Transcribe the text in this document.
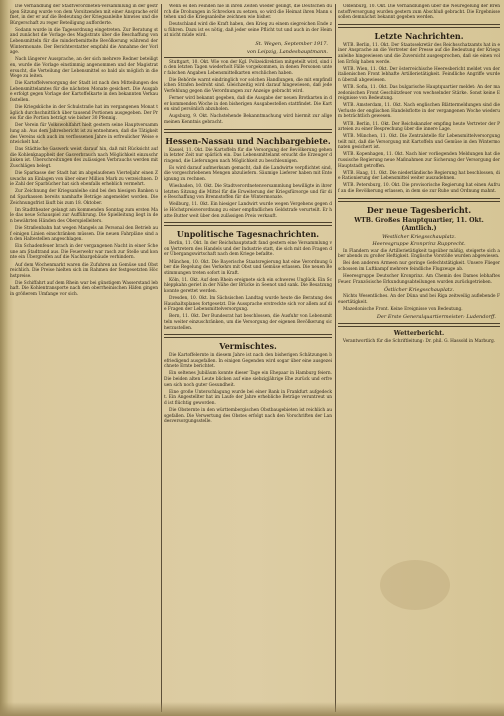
Die Verhandlung der Stadtverordneten-Versammlung in der gestrigen Sitzung wurde von dem Vorsitzenden mit einer Ansprache eröffnet, in der er auf die Bedeutung der Kriegsanleihe hinwies und die Bürgerschaft zu reger Beteiligung aufforderte.

Sodann wurde in die Tagesordnung eingetreten. Zur Beratung stand zunächst die Vorlage des Magistrats über die Beschaffung von Lebensmitteln für die minderbemittelte Bevölkerung während der Wintermonate. Der Berichterstatter empfahl die Annahme der Vorlage.

Nach längerer Aussprache, an der sich mehrere Redner beteiligten, wurde die Vorlage einstimmig angenommen und der Magistrat ersucht, die Verteilung der Lebensmittel so bald als möglich in die Wege zu leiten.

Die Kartoffelversorgung der Stadt ist nach den Mitteilungen des Lebensmittelamtes für die nächsten Monate gesichert. Die Ausgabe erfolgt gegen Vorlage der Kartoffelkarte in den bekannten Verkaufsstellen.

Die Kriegsküche in der Schulstraße hat im vergangenen Monat täglich durchschnittlich über tausend Portionen ausgegeben. Der Preis für die Portion beträgt wie bisher 30 Pfennig.

Der Verein für Volkswohlfahrt hielt gestern seine Hauptversammlung ab. Aus dem Jahresbericht ist zu entnehmen, daß die Tätigkeit des Vereins sich auch im verflossenen Jahre in erfreulicher Weise entwickelt hat.

Das Städtische Gaswerk weist darauf hin, daß mit Rücksicht auf die Kohlenknappheit der Gasverbrauch nach Möglichkeit einzuschränken ist. Überschreitungen des zulässigen Verbrauchs werden mit Zuschlägen belegt.

Die Sparkasse der Stadt hat im abgelaufenen Vierteljahr einen Zuwachs an Einlagen von über einer Million Mark zu verzeichnen. Die Zahl der Sparbücher hat sich ebenfalls erheblich vermehrt.

Zur Zeichnung der Kriegsanleihe sind bei den hiesigen Banken und Sparkassen bereits namhafte Beträge angemeldet worden. Die Zeichnungsfrist läuft bis zum 18. Oktober.

Im Stadttheater gelangt am kommenden Sonntag zum ersten Male das neue Schauspiel zur Aufführung. Die Spielleitung liegt in den bewährten Händen des Oberspielleiters.

Die Straßenbahn hat wegen Mangels an Personal den Betrieb auf einigen Linien einschränken müssen. Die neuen Fahrpläne sind an den Haltestellen angeschlagen.

Ein Schadenfeuer brach in der vergangenen Nacht in einer Scheune am Stadtrand aus. Die Feuerwehr war rasch zur Stelle und konnte ein Übergreifen auf die Nachbargebäude verhindern.

Auf dem Wochenmarkt waren die Zufuhren an Gemüse und Obst reichlich. Die Preise hielten sich im Rahmen der festgesetzten Höchstpreise.

Die Schiffahrt auf dem Rhein war bei günstigem Wasserstand lebhaft. Die Kohlentransporte nach den oberrheinischen Häfen gingen in größerem Umfange vor sich.

Wenn es den Feinden nie in ihren Zeiten wieder gelingt, die Deutschen durch die Drohungen in Schrecken zu setzen, so wird die Heimat ihren Mann stehen und die Kriegsanleihe zeichnen wie bisher.

Deutschland wird die Kraft haben, den Krieg zu einem siegreichen Ende zu führen. Dazu ist es nötig, daß jeder seine Pflicht tut und auch in der Heimat nicht müde wird.

St. Wegen, September 1917.
von Leipzig, Landeshauptmann.

Stuttgart, 10. Okt. Wie von der Kgl. Polizeidirektion mitgeteilt wird, sind in den letzten Tagen wiederholt Fälle vorgekommen, in denen Personen unter falschen Angaben Lebensmittelkarten erschlichen haben.

Die Behörde warnt eindringlich vor solchen Handlungen, die mit empfindlichen Strafen bedroht sind. Gleichzeitig wird darauf hingewiesen, daß jede Verfehlung gegen die Verordnungen zur Anzeige gebracht wird.

Ferner wird bekannt gegeben, daß die Ausgabe der neuen Brotkarten in der kommenden Woche in den bisherigen Ausgabestellen stattfindet. Die Karten sind persönlich abzuholen.

Augsburg, 9. Okt. Nachstehende Bekanntmachung wird hiermit zur allgemeinen Kenntnis gebracht.

Hessen-Nassau und Nachbargebiete.

Kassel, 11. Okt. Die Kartoffeln für die Versorgung der Bevölkerung gehen in letzter Zeit nur spärlich ein. Das Lebensmittelamt ersucht die Erzeuger dringend, die Lieferungen nach Möglichkeit zu beschleunigen.

Es wird darauf aufmerksam gemacht, daß die Landwirte verpflichtet sind, die vorgeschriebenen Mengen abzuliefern. Säumige Lieferer haben mit Enteignung zu rechnen.

Wiesbaden, 10. Okt. Die Stadtverordnetenversammlung bewilligte in ihrer letzten Sitzung die Mittel für die Erweiterung der Kriegsfürsorge und für die Beschaffung von Brennstoffen für die Wintermonate.

Weilburg, 11. Okt. Ein hiesiger Landwirt wurde wegen Vergehens gegen die Höchstpreisverordnung zu einer empfindlichen Geldstrafe verurteilt. Er hatte Butter weit über den zulässigen Preis verkauft.

Unpolitische Tagesnachrichten.

Berlin, 11. Okt. In der Reichshauptstadt fand gestern eine Versammlung von Vertretern des Handels und der Industrie statt, die sich mit den Fragen der Übergangswirtschaft nach dem Kriege befaßte.

München, 10. Okt. Die Bayerische Staatsregierung hat eine Verordnung über die Regelung des Verkehrs mit Obst und Gemüse erlassen. Die neuen Bestimmungen treten sofort in Kraft.

Köln, 11. Okt. Auf dem Rhein ereignete sich ein schweres Unglück. Ein Schleppkahn geriet in der Nähe der Brücke in Seenot und sank. Die Besatzung konnte gerettet werden.

Dresden, 10. Okt. Im Sächsischen Landtag wurde heute die Beratung des Haushaltsplanes fortgesetzt. Die Aussprache erstreckte sich vor allem auf die Fragen der Lebensmittelversorgung.

Bern, 11. Okt. Der Bundesrat hat beschlossen, die Ausfuhr von Lebensmitteln weiter einzuschränken, um die Versorgung der eigenen Bevölkerung sicherzustellen.

Vermischtes.

Die Kartoffelernte in diesem Jahre ist nach den bisherigen Schätzungen befriedigend ausgefallen. In einigen Gegenden wird sogar über eine ausgezeichnete Ernte berichtet.

Ein seltenes Jubiläum konnte dieser Tage ein Ehepaar in Hamburg feiern. Die beiden alten Leute blicken auf eine siebzigjährige Ehe zurück und erfreuen sich noch guter Gesundheit.

Eine große Unterschlagung wurde bei einer Bank in Frankfurt aufgedeckt. Ein Angestellter hat im Laufe der Jahre erhebliche Beträge veruntreut und ist flüchtig geworden.

Die Obsternte in den württembergischen Obstbaugebieten ist reichlich ausgefallen. Die Verwertung des Obstes erfolgt nach den Vorschriften der Landesversorgungsstelle.

Oldenburg, 10. Okt. Die Verhandlungen über die Neuregelung der Brennstoffversorgung wurden gestern zum Abschluß gebracht. Die Ergebnisse sollen demnächst bekannt gegeben werden.

Letzte Nachrichten.

WTB. Berlin, 11. Okt. Der Staatssekretär des Reichsschatzamts hat in einer Ansprache an die Vertreter der Presse auf die Bedeutung der Kriegsanleihe hingewiesen und die Zuversicht ausgesprochen, daß sie einen vollen Erfolg haben werde.

WTB. Wien, 11. Okt. Der österreichische Heeresbericht meldet von der italienischen Front lebhafte Artillerietätigkeit. Feindliche Angriffe wurden überall abgewiesen.

WTB. Sofia, 11. Okt. Das bulgarische Hauptquartier meldet: An der mazedonischen Front Geschützfeuer von wechselnder Stärke. Sonst keine Ereignisse von Bedeutung.

WTB. Amsterdam, 11. Okt. Nach englischen Blättermeldungen sind die Verluste der englischen Handelsflotte in der vergangenen Woche wiederum beträchtlich gewesen.

WTB. Berlin, 11. Okt. Der Reichskanzler empfing heute Vertreter der Parteien zu einer Besprechung über die innere Lage.

WTB. München, 11. Okt. Die Zentralstelle für Lebensmittelversorgung teilt mit, daß die Versorgung mit Kartoffeln und Gemüse in den Wintermonaten gesichert ist.

WTB. Kopenhagen, 11. Okt. Nach hier vorliegenden Meldungen hat die russische Regierung neue Maßnahmen zur Sicherung der Versorgung der Hauptstadt getroffen.

WTB. Haag, 11. Okt. Die niederländische Regierung hat beschlossen, die Rationierung der Lebensmittel weiter auszudehnen.

WTB. Petersburg, 10. Okt. Die provisorische Regierung hat einen Aufruf an die Bevölkerung erlassen, in dem sie zur Ruhe und Ordnung mahnt.

Der neue Tagesbericht.
WTB. Großes Hauptquartier, 11. Okt. (Amtlich.)
Westlicher Kriegsschauplatz.
Heeresgruppe Kronprinz Rupprecht.

In Flandern war die Artillerietätigkeit tagsüber mäßig, steigerte sich aber abends zu großer Heftigkeit. Englische Vorstöße wurden abgewiesen.

Bei den anderen Armeen nur geringe Gefechtstätigkeit. Unsere Flieger schossen im Luftkampf mehrere feindliche Flugzeuge ab.

Heeresgruppe Deutscher Kronprinz. Am Chemin des Dames lebhaftes Feuer. Französische Erkundungsabteilungen wurden zurückgetrieben.

Östlicher Kriegsschauplatz.

Nichts Wesentliches. An der Düna und bei Riga zeitweilig auflebende Feuertätigkeit.

Mazedonische Front. Keine Ereignisse von Bedeutung.

Der Erste Generalquartiermeister: Ludendorff.
Wetterbericht.

Verantwortlich für die Schriftleitung: Dr. phil. G. Hassold in Marburg.
